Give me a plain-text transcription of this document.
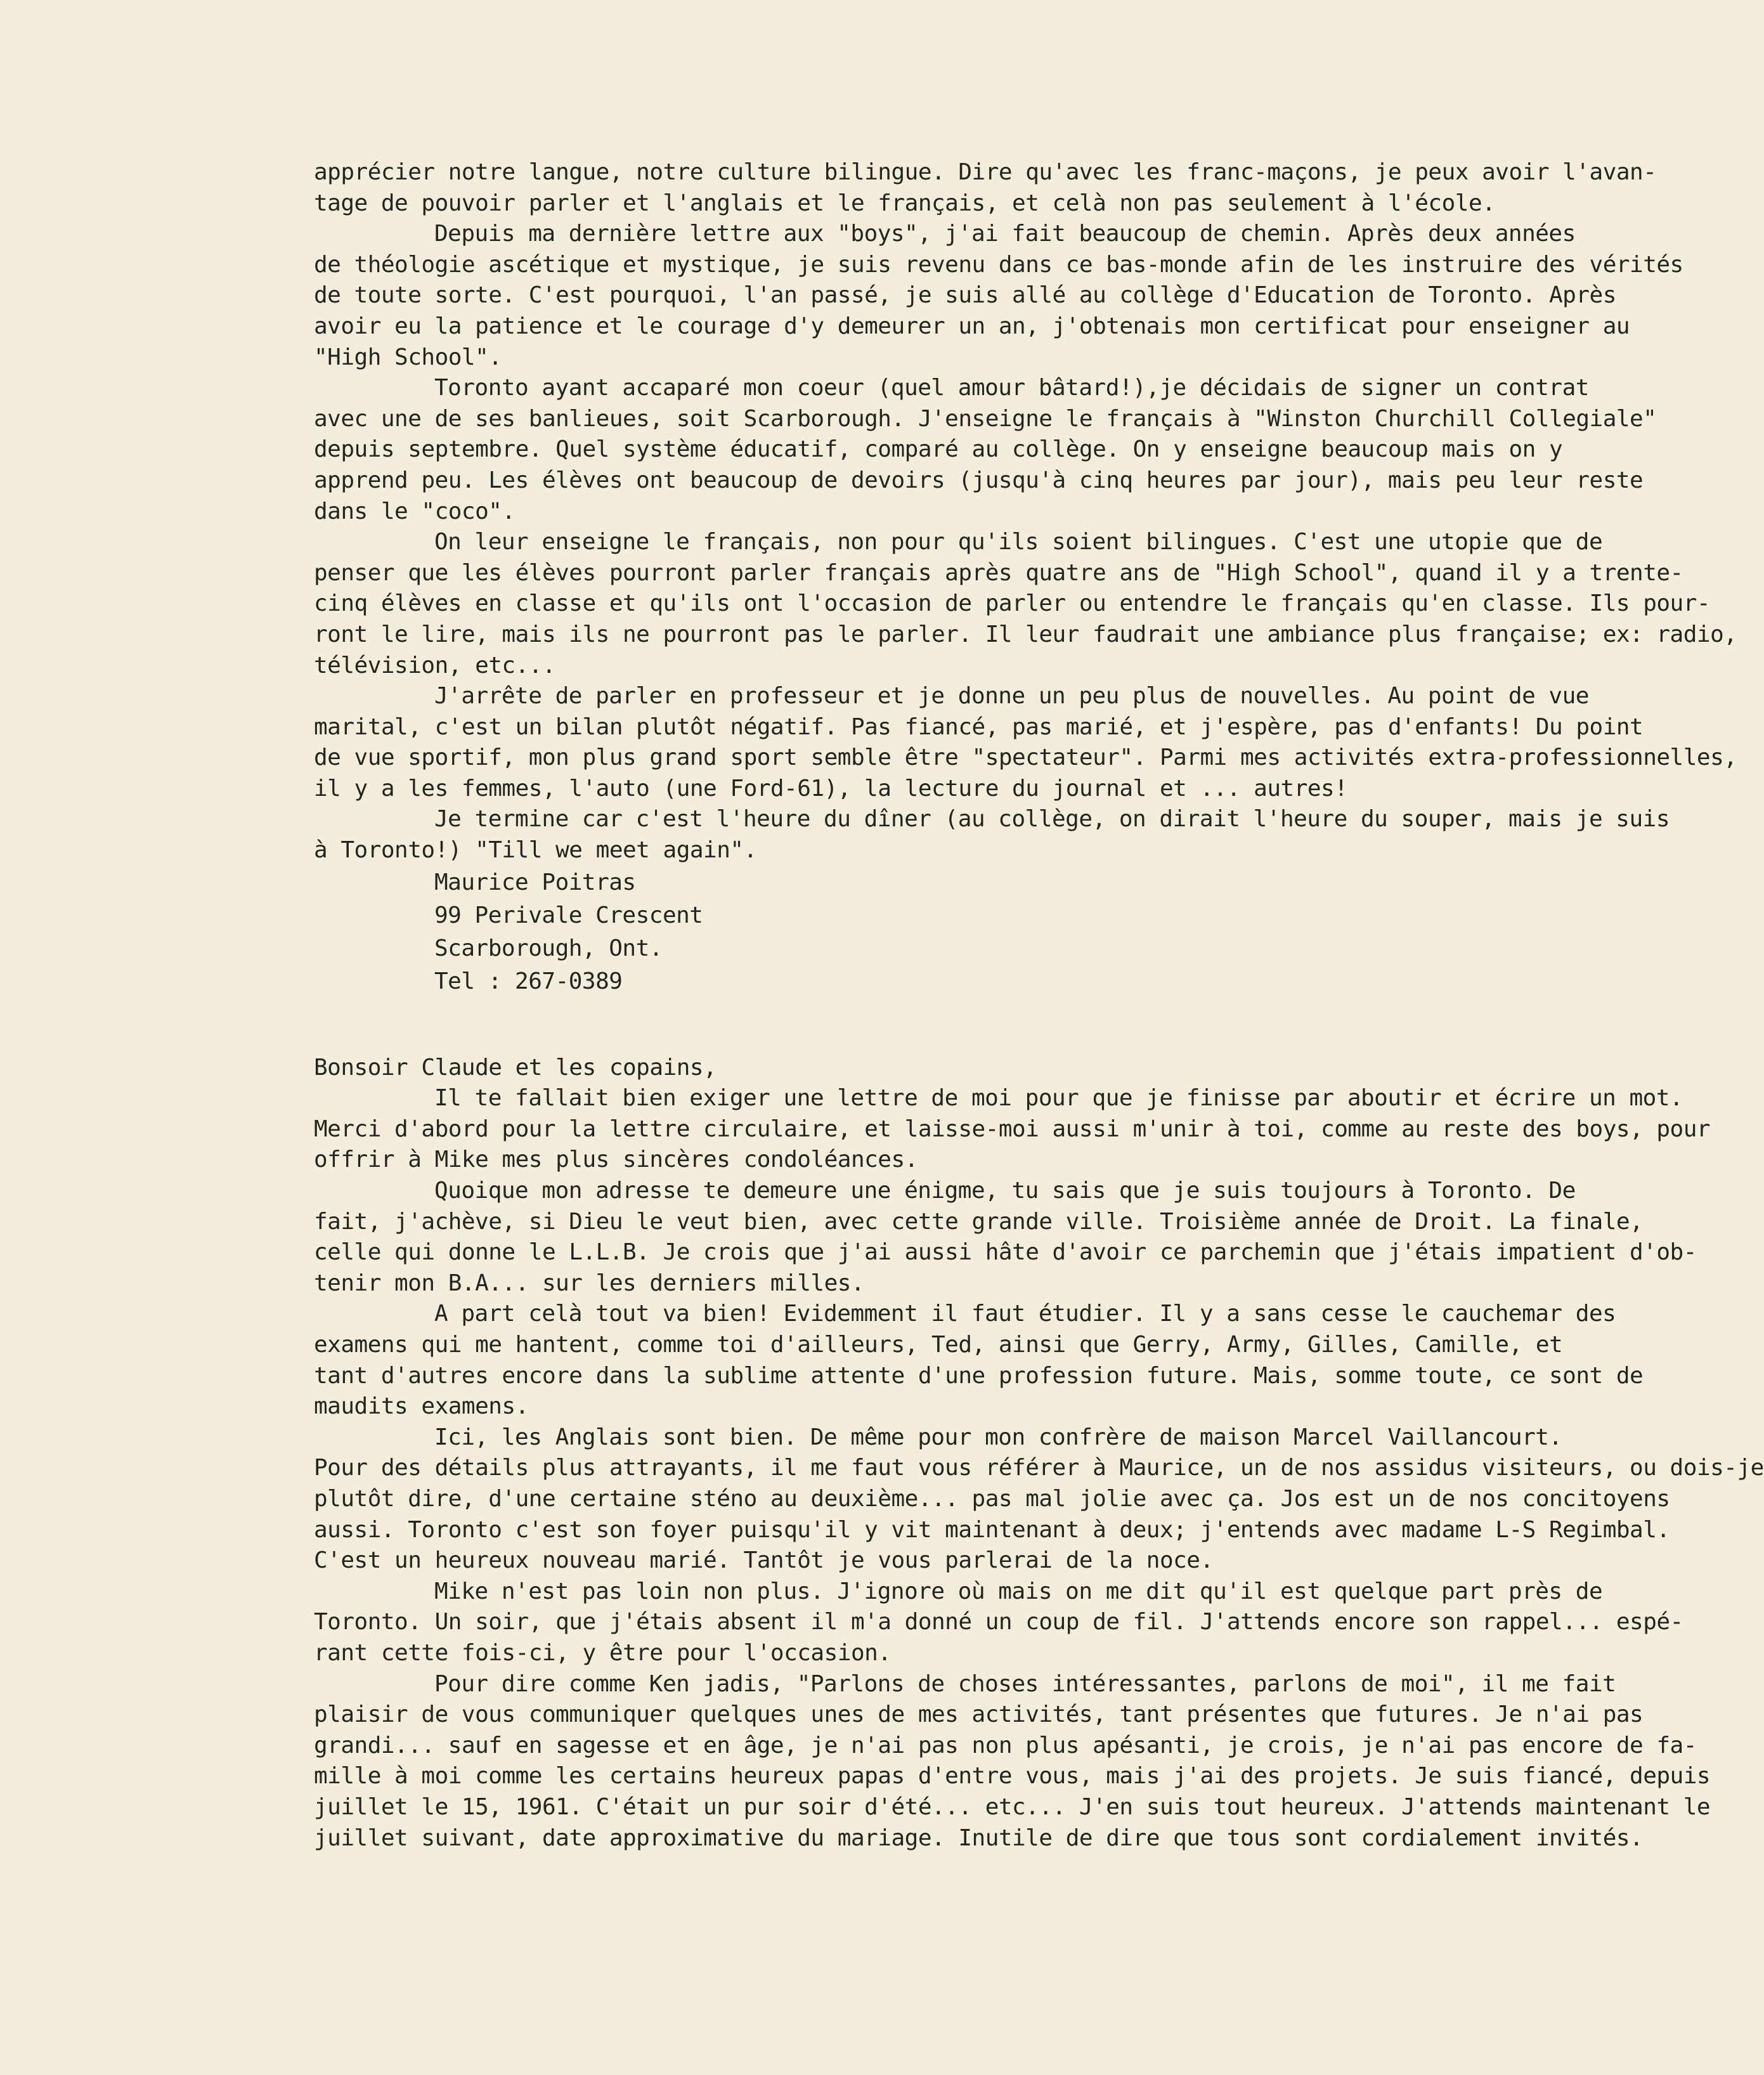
apprécier notre langue, notre culture bilingue. Dire qu'avec les franc-maçons, je peux avoir l'avan-
tage de pouvoir parler et l'anglais et le français, et celà non pas seulement à l'école.
Depuis ma dernière lettre aux "boys", j'ai fait beaucoup de chemin. Après deux années
de théologie ascétique et mystique, je suis revenu dans ce bas-monde afin de les instruire des vérités
de toute sorte. C'est pourquoi, l'an passé, je suis allé au collège d'Education de Toronto. Après
avoir eu la patience et le courage d'y demeurer un an, j'obtenais mon certificat pour enseigner au
"High School".
Toronto ayant accaparé mon coeur (quel amour bâtard!),je décidais de signer un contrat
avec une de ses banlieues, soit Scarborough. J'enseigne le français à "Winston Churchill Collegiale"
depuis septembre. Quel système éducatif, comparé au collège. On y enseigne beaucoup mais on y
apprend peu. Les élèves ont beaucoup de devoirs (jusqu'à cinq heures par jour), mais peu leur reste
dans le "coco".
On leur enseigne le français, non pour qu'ils soient bilingues. C'est une utopie que de
penser que les élèves pourront parler français après quatre ans de "High School", quand il y a trente-
cinq élèves en classe et qu'ils ont l'occasion de parler ou entendre le français qu'en classe. Ils pour-
ront le lire, mais ils ne pourront pas le parler. Il leur faudrait une ambiance plus française; ex: radio,
télévision, etc...
J'arrête de parler en professeur et je donne un peu plus de nouvelles. Au point de vue
marital, c'est un bilan plutôt négatif. Pas fiancé, pas marié, et j'espère, pas d'enfants! Du point
de vue sportif, mon plus grand sport semble être "spectateur". Parmi mes activités extra-professionnelles,
il y a les femmes, l'auto (une Ford-61), la lecture du journal et ... autres!
Je termine car c'est l'heure du dîner (au collège, on dirait l'heure du souper, mais je suis
à Toronto!) "Till we meet again".
Maurice Poitras
99 Perivale Crescent
Scarborough, Ont.
Tel : 267-0389
Bonsoir Claude et les copains,
Il te fallait bien exiger une lettre de moi pour que je finisse par aboutir et écrire un mot.
Merci d'abord pour la lettre circulaire, et laisse-moi aussi m'unir à toi, comme au reste des boys, pour
offrir à Mike mes plus sincères condoléances.
Quoique mon adresse te demeure une énigme, tu sais que je suis toujours à Toronto. De
fait, j'achève, si Dieu le veut bien, avec cette grande ville. Troisième année de Droit. La finale,
celle qui donne le L.L.B. Je crois que j'ai aussi hâte d'avoir ce parchemin que j'étais impatient d'ob-
tenir mon B.A... sur les derniers milles.
A part celà tout va bien! Evidemment il faut étudier. Il y a sans cesse le cauchemar des
examens qui me hantent, comme toi d'ailleurs, Ted, ainsi que Gerry, Army, Gilles, Camille, et
tant d'autres encore dans la sublime attente d'une profession future. Mais, somme toute, ce sont de
maudits examens.
Ici, les Anglais sont bien. De même pour mon confrère de maison Marcel Vaillancourt.
Pour des détails plus attrayants, il me faut vous référer à Maurice, un de nos assidus visiteurs, ou dois-je
plutôt dire, d'une certaine sténo au deuxième... pas mal jolie avec ça. Jos est un de nos concitoyens
aussi. Toronto c'est son foyer puisqu'il y vit maintenant à deux; j'entends avec madame L-S Regimbal.
C'est un heureux nouveau marié. Tantôt je vous parlerai de la noce.
Mike n'est pas loin non plus. J'ignore où mais on me dit qu'il est quelque part près de
Toronto. Un soir, que j'étais absent il m'a donné un coup de fil. J'attends encore son rappel... espé-
rant cette fois-ci, y être pour l'occasion.
Pour dire comme Ken jadis, "Parlons de choses intéressantes, parlons de moi", il me fait
plaisir de vous communiquer quelques unes de mes activités, tant présentes que futures. Je n'ai pas
grandi... sauf en sagesse et en âge, je n'ai pas non plus apésanti, je crois, je n'ai pas encore de fa-
mille à moi comme les certains heureux papas d'entre vous, mais j'ai des projets. Je suis fiancé, depuis
juillet le 15, 1961. C'était un pur soir d'été... etc... J'en suis tout heureux. J'attends maintenant le
juillet suivant, date approximative du mariage. Inutile de dire que tous sont cordialement invités.
